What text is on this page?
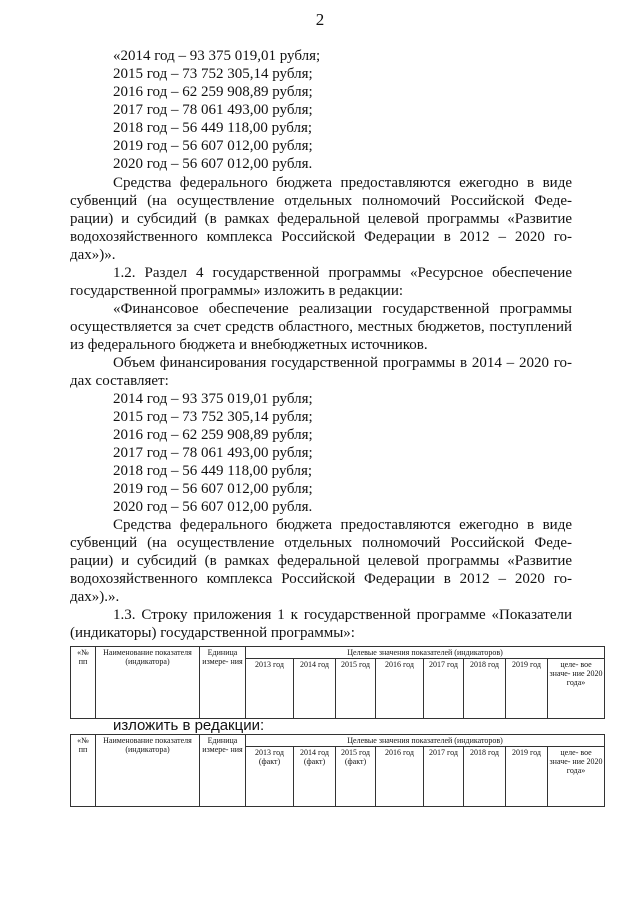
2
«2014 год – 93 375 019,01 рубля;
2015 год – 73 752 305,14 рубля;
2016 год – 62 259 908,89 рубля;
2017 год – 78 061 493,00 рубля;
2018 год – 56 449 118,00 рубля;
2019 год – 56 607 012,00 рубля;
2020 год – 56 607 012,00 рубля.
Средства федерального бюджета предоставляются ежегодно в виде
субвенций (на осуществление отдельных полномочий Российской Феде-
рации) и субсидий (в рамках федеральной целевой программы «Развитие
водохозяйственного комплекса Российской Федерации в 2012 – 2020 го-
дах»)».
1.2. Раздел 4 государственной программы «Ресурсное обеспечение
государственной программы» изложить в редакции:
«Финансовое обеспечение реализации государственной программы
осуществляется за счет средств областного, местных бюджетов, поступлений
из федерального бюджета и внебюджетных источников.
Объем финансирования государственной программы в 2014 – 2020 го-
дах составляет:
2014 год – 93 375 019,01 рубля;
2015 год – 73 752 305,14 рубля;
2016 год – 62 259 908,89 рубля;
2017 год – 78 061 493,00 рубля;
2018 год – 56 449 118,00 рубля;
2019 год – 56 607 012,00 рубля;
2020 год – 56 607 012,00 рубля.
Средства федерального бюджета предоставляются ежегодно в виде
субвенций (на осуществление отдельных полномочий Российской Феде-
рации) и субсидий (в рамках федеральной целевой программы «Развитие
водохозяйственного комплекса Российской Федерации в 2012 – 2020 го-
дах»).».
1.3. Строку приложения 1 к государственной программе «Показатели
(индикаторы) государственной программы»:
«№ пп	Наименование показателя (индикатора)	Единица измере- ния	Целевые значения показателей (индикаторов)							
			2013 год	2014 год	2015 год	2016 год	2017 год	2018 год	2019 год	целе- вое значе- ние 2020 года»
изложить в редакции:
«№ пп	Наименование показателя (индикатора)	Единица измере- ния	Целевые значения показателей (индикаторов)							
			2013 год (факт)	2014 год (факт)	2015 год (факт)	2016 год	2017 год	2018 год	2019 год	целе- вое значе- ние 2020 года»
